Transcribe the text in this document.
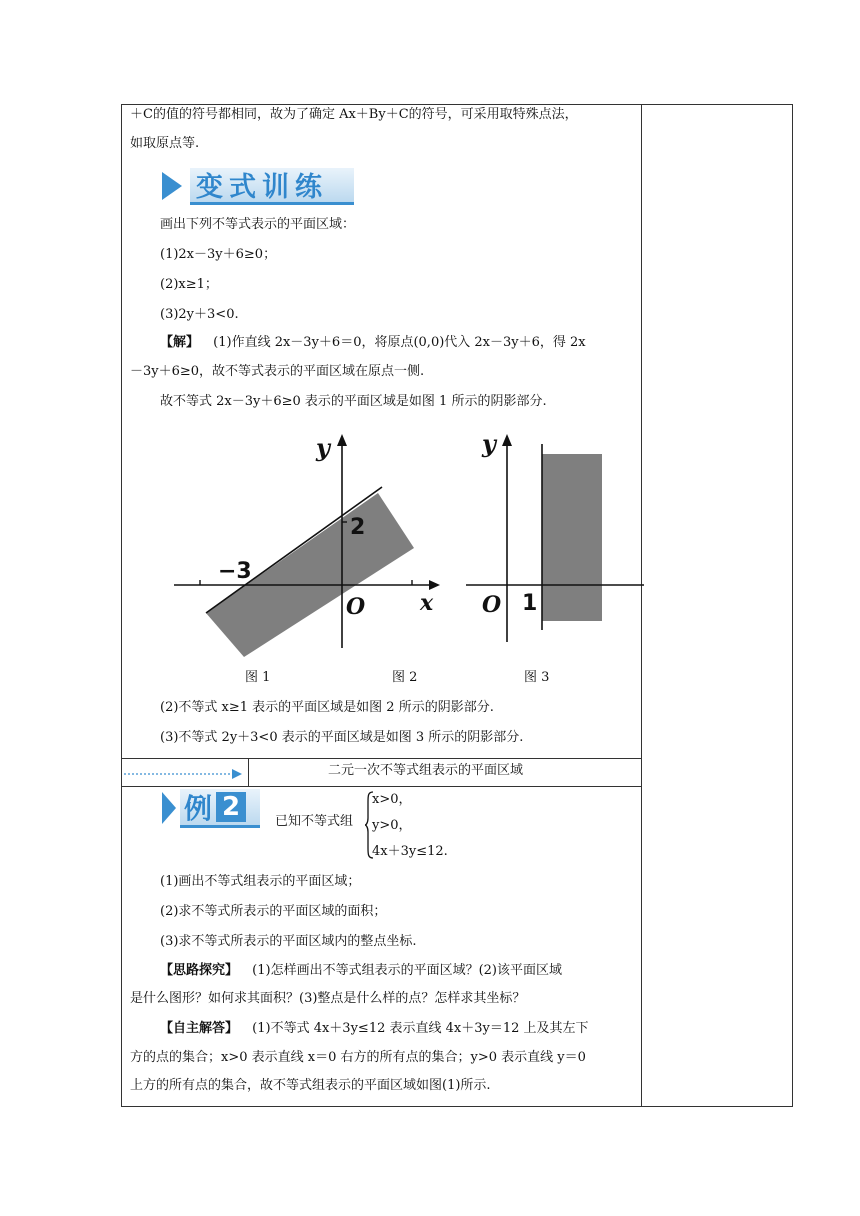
＋C的值的符号都相同，故为了确定 Ax＋By＋C的符号，可采用取特殊点法，
如取原点等.
变式训练
画出下列不等式表示的平面区域：
(1)2x－3y＋6≥0；
(2)x≥1；
(3)2y＋3<0.
【解】 (1)作直线 2x－3y＋6＝0，将原点(0,0)代入 2x－3y＋6，得 2x
－3y＋6≥0，故不等式表示的平面区域在原点一侧.
故不等式 2x－3y＋6≥0 表示的平面区域是如图 1 所示的阴影部分.
y
x
O
−3
2
y
O 1
图 1	图 2	图 3
(2)不等式 x≥1 表示的平面区域是如图 2 所示的阴影部分.
(3)不等式 2y＋3<0 表示的平面区域是如图 3 所示的阴影部分.
二元一次不等式组表示的平面区域
例 2	已知不等式组
x>0，
y>0，
4x＋3y≤12.
(1)画出不等式组表示的平面区域；
(2)求不等式所表示的平面区域的面积；
(3)求不等式所表示的平面区域内的整点坐标.
【思路探究】 (1)怎样画出不等式组表示的平面区域？(2)该平面区域
是什么图形？如何求其面积？(3)整点是什么样的点？怎样求其坐标？
【自主解答】 (1)不等式 4x＋3y≤12 表示直线 4x＋3y＝12 上及其左下
方的点的集合；x>0 表示直线 x＝0 右方的所有点的集合；y>0 表示直线 y＝0
上方的所有点的集合，故不等式组表示的平面区域如图(1)所示.
